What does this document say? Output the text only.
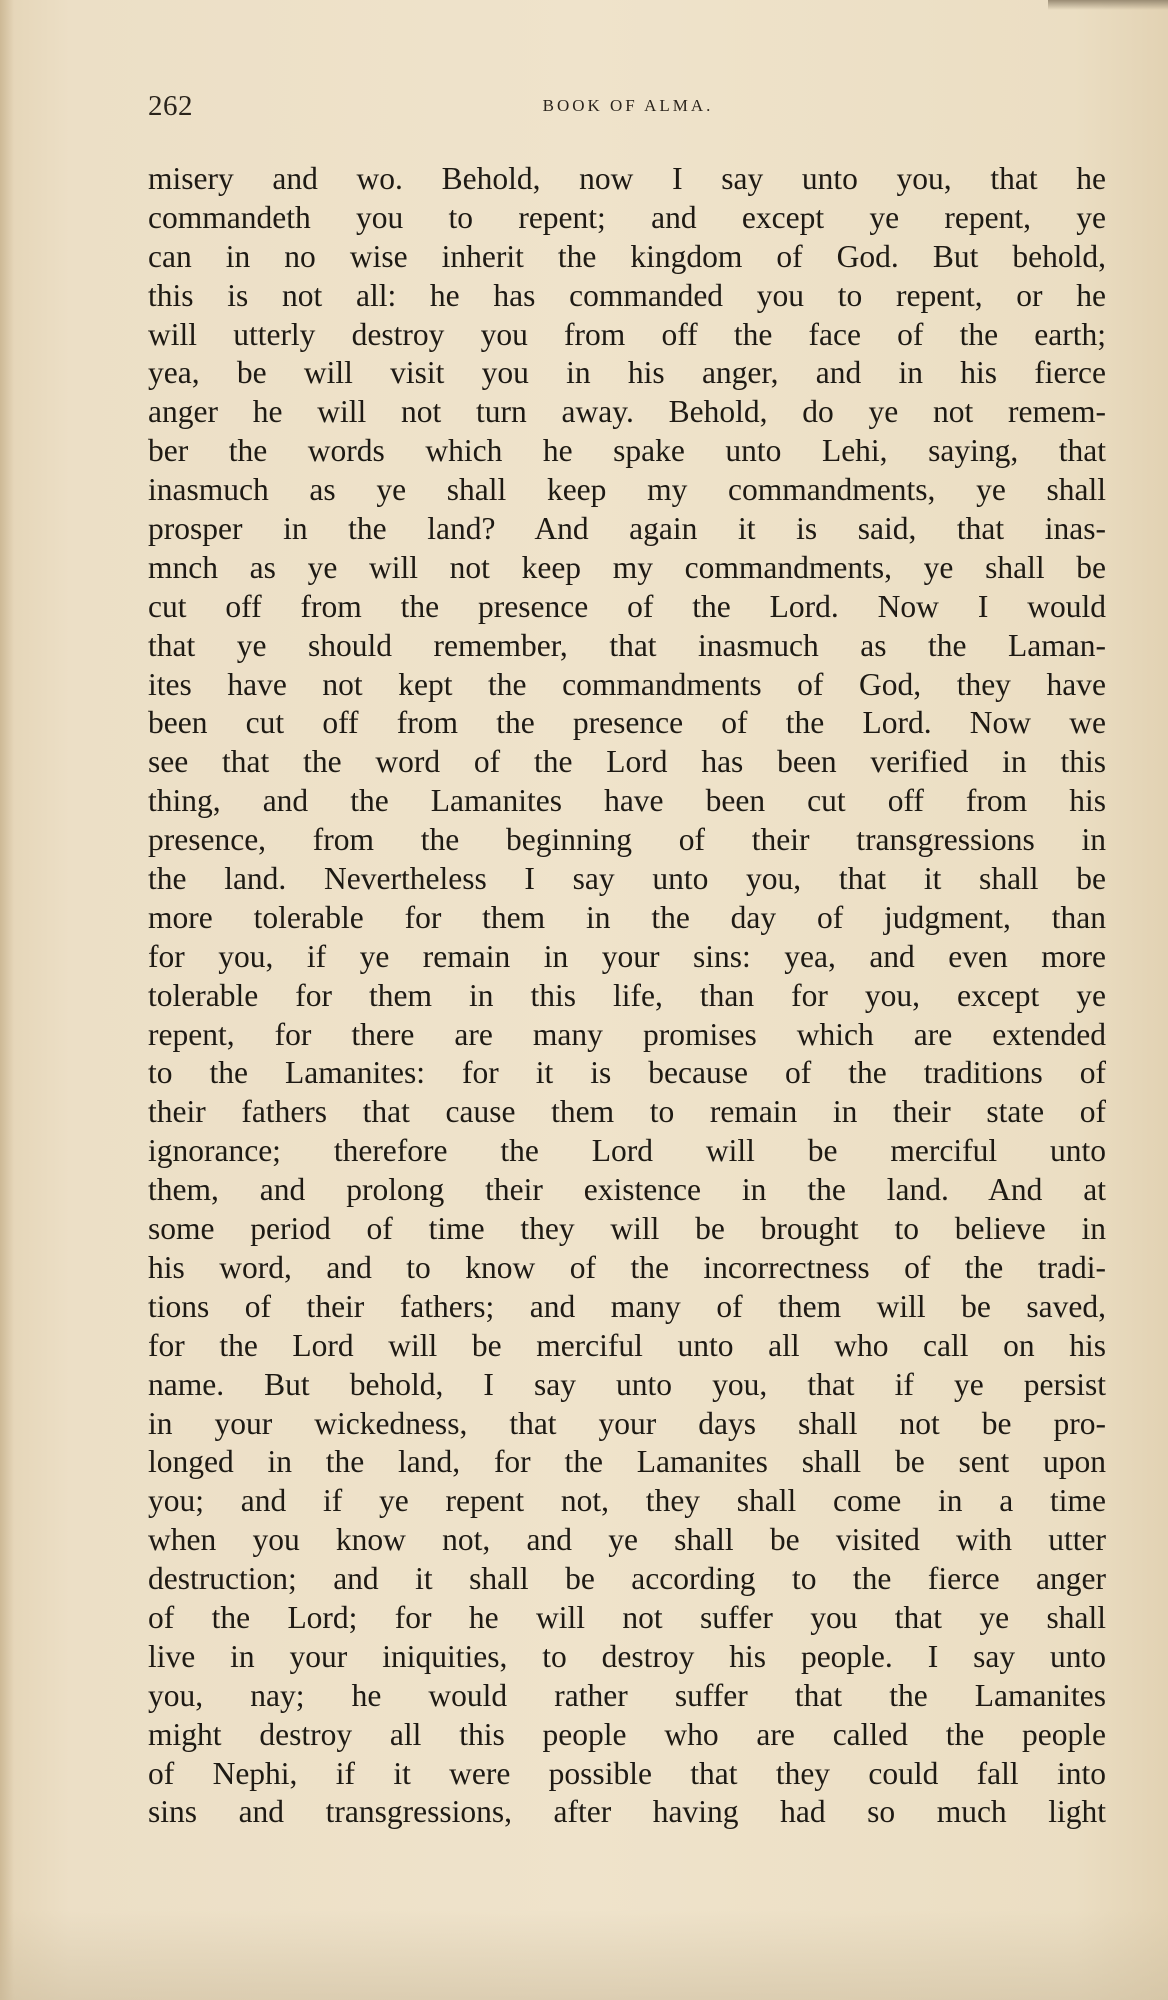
262	BOOK OF ALMA.
misery and wo. Behold, now I say unto you, that he
commandeth you to repent; and except ye repent, ye
can in no wise inherit the kingdom of God. But behold,
this is not all: he has commanded you to repent, or he
will utterly destroy you from off the face of the earth;
yea, be will visit you in his anger, and in his fierce
anger he will not turn away. Behold, do ye not remem-
ber the words which he spake unto Lehi, saying, that
inasmuch as ye shall keep my commandments, ye shall
prosper in the land? And again it is said, that inas-
mnch as ye will not keep my commandments, ye shall be
cut off from the presence of the Lord. Now I would
that ye should remember, that inasmuch as the Laman-
ites have not kept the commandments of God, they have
been cut off from the presence of the Lord. Now we
see that the word of the Lord has been verified in this
thing, and the Lamanites have been cut off from his
presence, from the beginning of their transgressions in
the land. Nevertheless I say unto you, that it shall be
more tolerable for them in the day of judgment, than
for you, if ye remain in your sins: yea, and even more
tolerable for them in this life, than for you, except ye
repent, for there are many promises which are extended
to the Lamanites: for it is because of the traditions of
their fathers that cause them to remain in their state of
ignorance; therefore the Lord will be merciful unto
them, and prolong their existence in the land. And at
some period of time they will be brought to believe in
his word, and to know of the incorrectness of the tradi-
tions of their fathers; and many of them will be saved,
for the Lord will be merciful unto all who call on his
name. But behold, I say unto you, that if ye persist
in your wickedness, that your days shall not be pro-
longed in the land, for the Lamanites shall be sent upon
you; and if ye repent not, they shall come in a time
when you know not, and ye shall be visited with utter
destruction; and it shall be according to the fierce anger
of the Lord; for he will not suffer you that ye shall
live in your iniquities, to destroy his people. I say unto
you, nay; he would rather suffer that the Lamanites
might destroy all this people who are called the people
of Nephi, if it were possible that they could fall into
sins and transgressions, after having had so much light
